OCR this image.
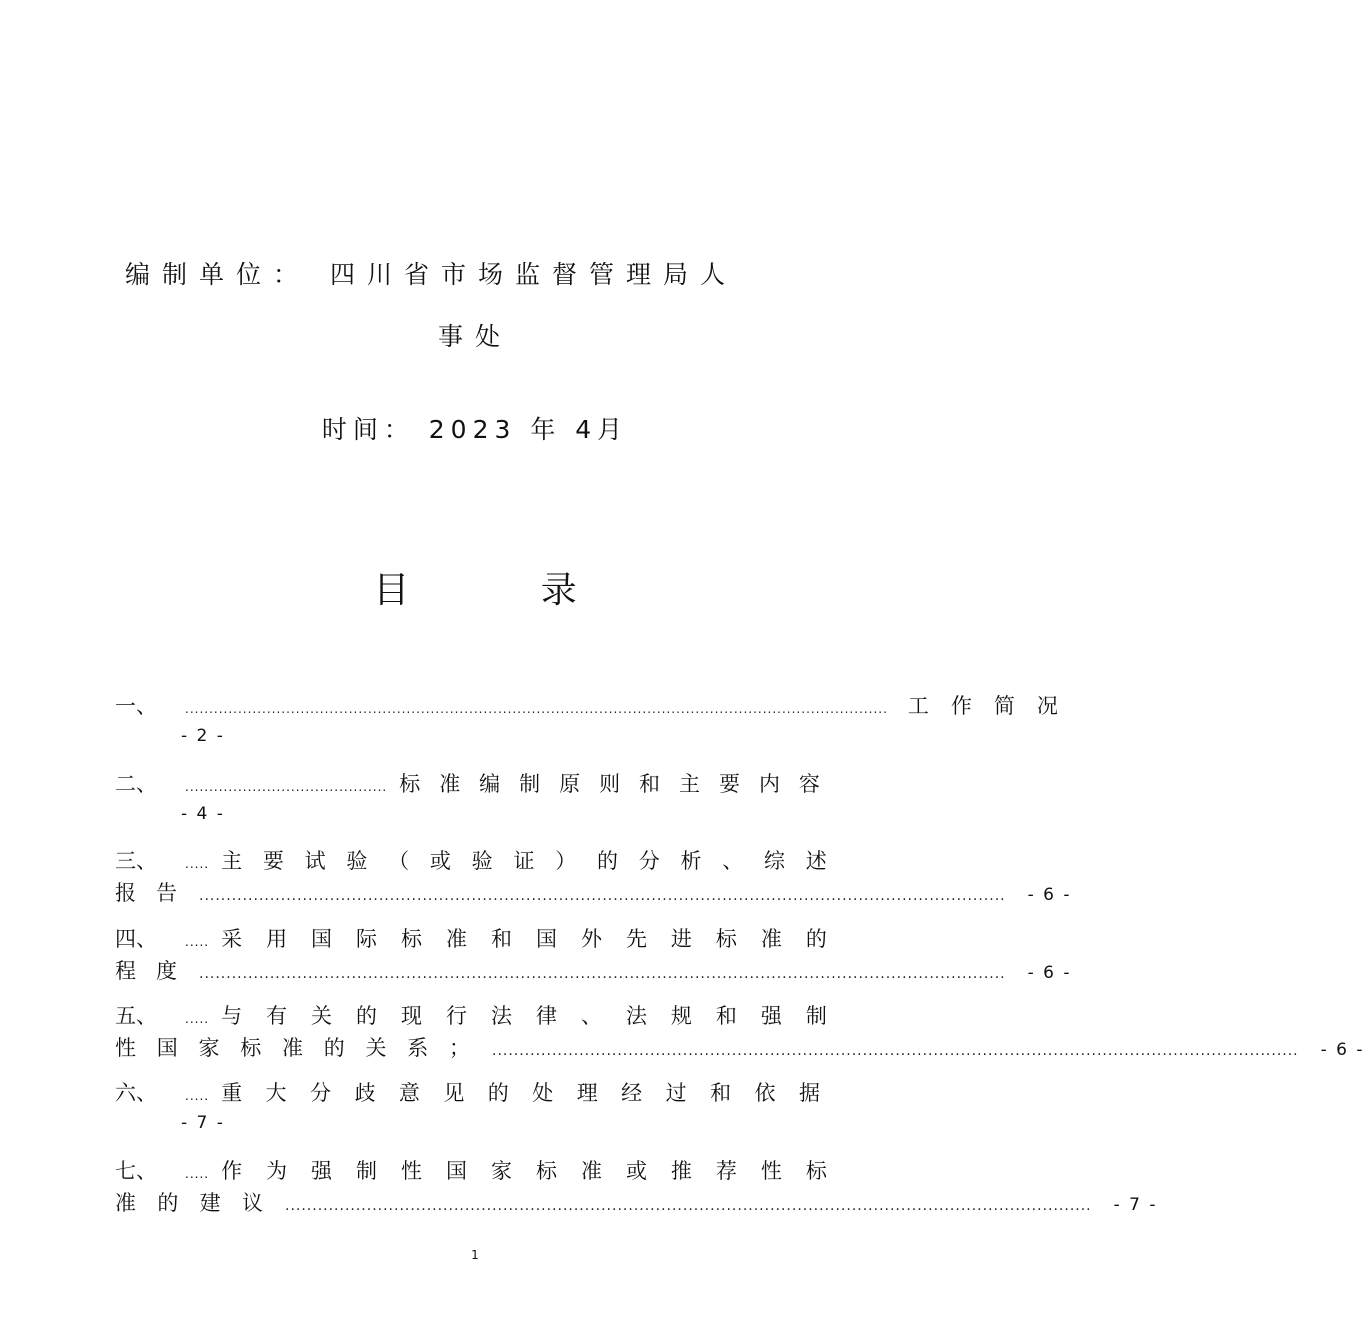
编制单位： 四川省市场监督管理局人
事处
时间： 2023 年 4月
目 录
一、 .................................................................................................................................................. 工 作 简 况
- 2 -
二、 .......................................... 标 准 编 制 原 则 和 主 要 内 容
- 4 -
三、 ..... 主 要 试 验 （ 或 验 证 ） 的 分 析 、 综 述
报 告 .................................................................................................................................................... - 6 -
四、 ..... 采 用 国 际 标 准 和 国 外 先 进 标 准 的
程 度 .................................................................................................................................................... - 6 -
五、 ..... 与 有 关 的 现 行 法 律 、 法 规 和 强 制
性 国 家 标 准 的 关 系 ； .................................................................................................................................................... - 6 -
六、 ..... 重 大 分 歧 意 见 的 处 理 经 过 和 依 据
- 7 -
七、 ..... 作 为 强 制 性 国 家 标 准 或 推 荐 性 标
准 的 建 议 .................................................................................................................................................... - 7 -
1
